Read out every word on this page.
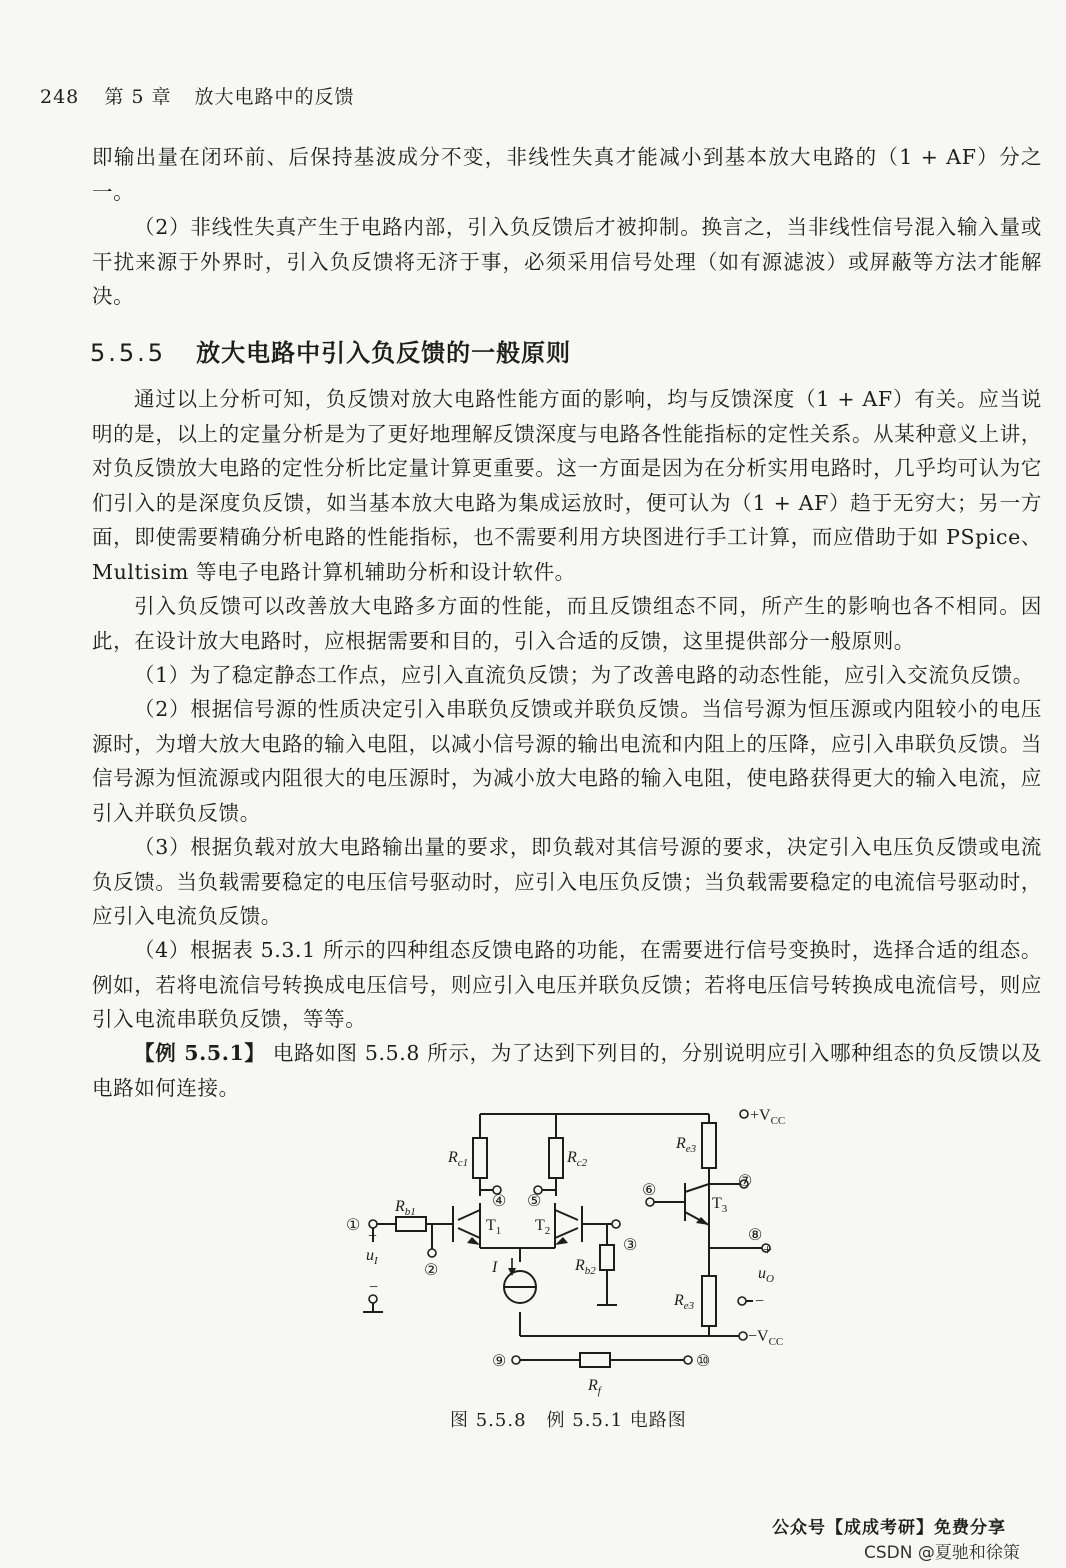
248 第 5 章 放大电路中的反馈

即输出量在闭环前、后保持基波成分不变，非线性失真才能减小到基本放大电路的（1 + AF）分之一。

（2）非线性失真产生于电路内部，引入负反馈后才被抑制。换言之，当非线性信号混入输入量或干扰来源于外界时，引入负反馈将无济于事，必须采用信号处理（如有源滤波）或屏蔽等方法才能解决。

5.5.5 放大电路中引入负反馈的一般原则

通过以上分析可知，负反馈对放大电路性能方面的影响，均与反馈深度（1 + AF）有关。应当说明的是，以上的定量分析是为了更好地理解反馈深度与电路各性能指标的定性关系。从某种意义上讲，对负反馈放大电路的定性分析比定量计算更重要。这一方面是因为在分析实用电路时，几乎均可认为它们引入的是深度负反馈，如当基本放大电路为集成运放时，便可认为（1 + AF）趋于无穷大；另一方面，即使需要精确分析电路的性能指标，也不需要利用方块图进行手工计算，而应借助于如 PSpice、Multisim 等电子电路计算机辅助分析和设计软件。

引入负反馈可以改善放大电路多方面的性能，而且反馈组态不同，所产生的影响也各不相同。因此，在设计放大电路时，应根据需要和目的，引入合适的反馈，这里提供部分一般原则。

（1）为了稳定静态工作点，应引入直流负反馈；为了改善电路的动态性能，应引入交流负反馈。

（2）根据信号源的性质决定引入串联负反馈或并联负反馈。当信号源为恒压源或内阻较小的电压源时，为增大放大电路的输入电阻，以减小信号源的输出电流和内阻上的压降，应引入串联负反馈。当信号源为恒流源或内阻很大的电压源时，为减小放大电路的输入电阻，使电路获得更大的输入电流，应引入并联负反馈。

（3）根据负载对放大电路输出量的要求，即负载对其信号源的要求，决定引入电压负反馈或电流负反馈。当负载需要稳定的电压信号驱动时，应引入电压负反馈；当负载需要稳定的电流信号驱动时，应引入电流负反馈。

（4）根据表 5.3.1 所示的四种组态反馈电路的功能，在需要进行信号变换时，选择合适的组态。例如，若将电流信号转换成电压信号，则应引入电压并联负反馈；若将电压信号转换成电流信号，则应引入电流串联负反馈，等等。

【例 5.5.1】 电路如图 5.5.8 所示，为了达到下列目的，分别说明应引入哪种组态的负反馈以及电路如何连接。

$+V_{CC}$
$-V_{CC}$
$R_{c1}$	$R_{c2}$
$R_{e3}$
$R_{e3}$
$R_{b1}$
$R_{b2}$
$R_f$
$T_1$ $T_2$
$T_3$
I
$u_I$
$u_O$
+
−
+
−
①
②
③
④ ⑤
⑥
⑦
⑧
⑨	⑩
图 5.5.8 例 5.5.1 电路图
公众号【成成考研】免费分享
CSDN @夏驰和徐策
